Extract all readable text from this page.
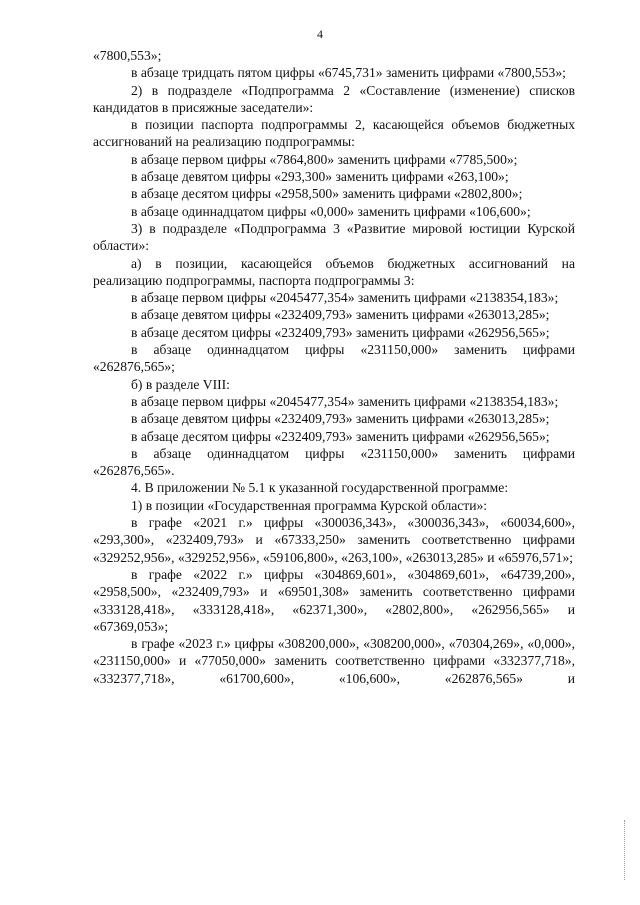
4

«7800,553»;

в абзаце тридцать пятом цифры «6745,731» заменить цифрами «7800,553»;

2) в подразделе «Подпрограмма 2 «Составление (изменение) списков кандидатов в присяжные заседатели»:

в позиции паспорта подпрограммы 2, касающейся объемов бюджетных ассигнований на реализацию подпрограммы:

в абзаце первом цифры «7864,800» заменить цифрами «7785,500»;

в абзаце девятом цифры «293,300» заменить цифрами «263,100»;

в абзаце десятом цифры «2958,500» заменить цифрами «2802,800»;

в абзаце одиннадцатом цифры «0,000» заменить цифрами «106,600»;

3) в подразделе «Подпрограмма 3 «Развитие мировой юстиции Курской области»:

а) в позиции, касающейся объемов бюджетных ассигнований на реализацию подпрограммы, паспорта подпрограммы 3:

в абзаце первом цифры «2045477,354» заменить цифрами «2138354,183»;

в абзаце девятом цифры «232409,793» заменить цифрами «263013,285»;

в абзаце десятом цифры «232409,793» заменить цифрами «262956,565»;

в абзаце одиннадцатом цифры «231150,000» заменить цифрами «262876,565»;

б) в разделе VIII:

в абзаце первом цифры «2045477,354» заменить цифрами «2138354,183»;

в абзаце девятом цифры «232409,793» заменить цифрами «263013,285»;

в абзаце десятом цифры «232409,793» заменить цифрами «262956,565»;

в абзаце одиннадцатом цифры «231150,000» заменить цифрами «262876,565».

4. В приложении № 5.1 к указанной государственной программе:

1) в позиции «Государственная программа Курской области»:

в графе «2021 г.» цифры «300036,343», «300036,343», «60034,600», «293,300», «232409,793» и «67333,250» заменить соответственно цифрами «329252,956», «329252,956», «59106,800», «263,100», «263013,285» и «65976,571»;

в графе «2022 г.» цифры «304869,601», «304869,601», «64739,200», «2958,500», «232409,793» и «69501,308» заменить соответственно цифрами «333128,418», «333128,418», «62371,300», «2802,800», «262956,565» и «67369,053»;

в графе «2023 г.» цифры «308200,000», «308200,000», «70304,269», «0,000», «231150,000» и «77050,000» заменить соответственно цифрами «332377,718», «332377,718», «61700,600», «106,600», «262876,565» и
